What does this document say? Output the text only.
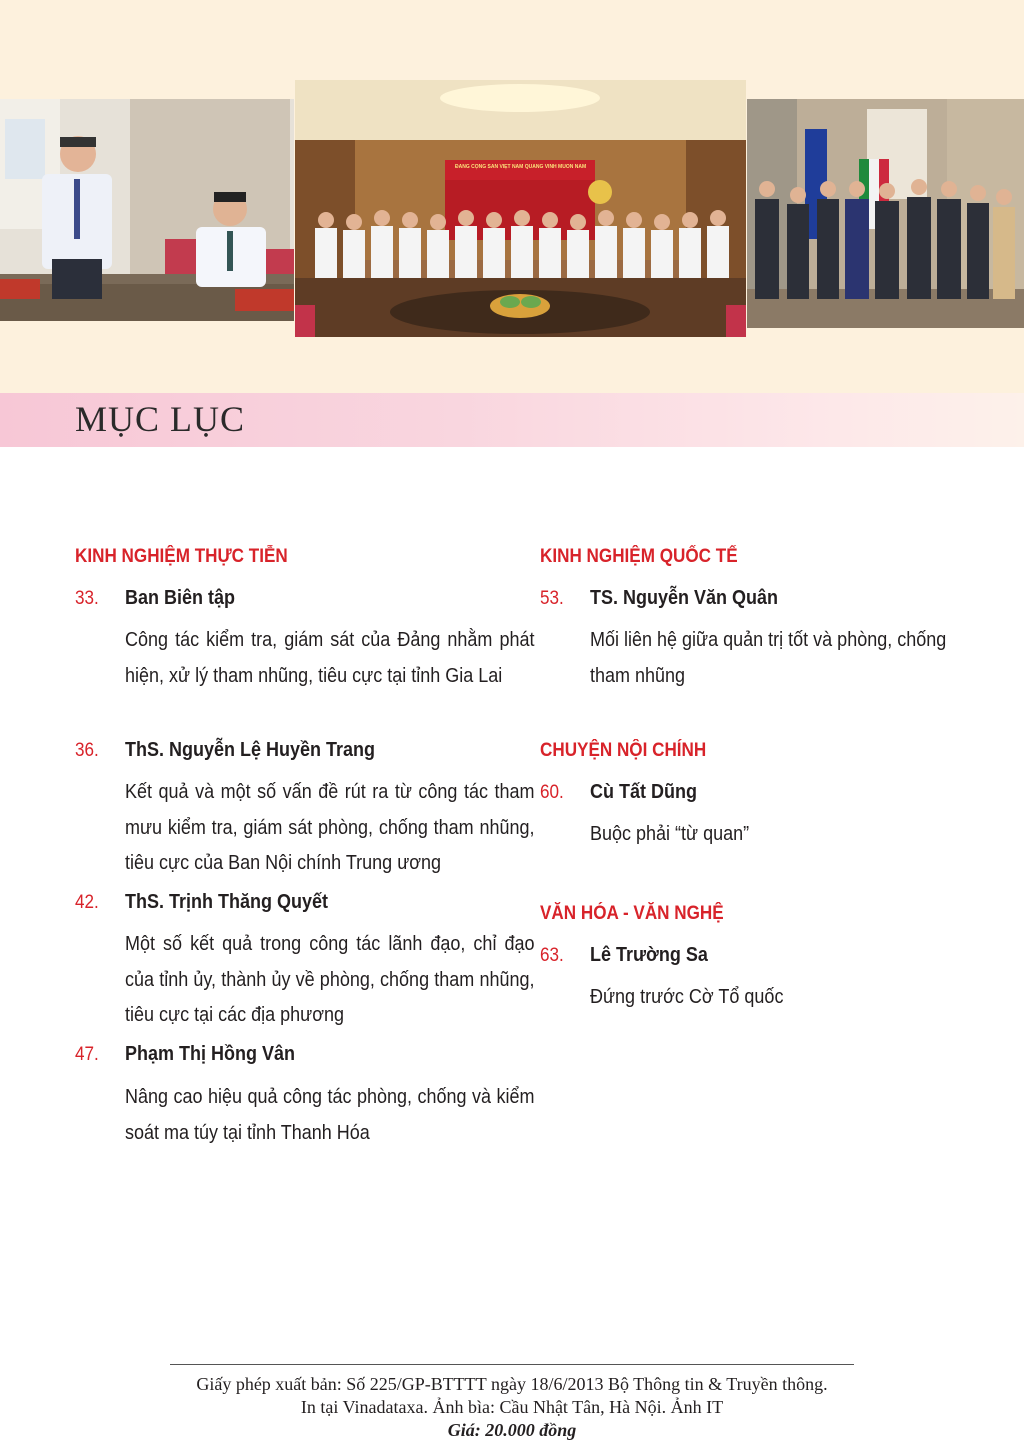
ĐẢNG CỘNG SẢN VIỆT NAM QUANG VINH MUÔN NĂM
MỤC LỤC
KINH NGHIỆM THỰC TIỄN
33. Ban Biên tập
Công tác kiểm tra, giám sát của Đảng nhằm phát hiện, xử lý tham nhũng, tiêu cực tại tỉnh Gia Lai
36. ThS. Nguyễn Lệ Huyền Trang
Kết quả và một số vấn đề rút ra từ công tác tham mưu kiểm tra, giám sát phòng, chống tham nhũng, tiêu cực của Ban Nội chính Trung ương
42. ThS. Trịnh Thăng Quyết
Một số kết quả trong công tác lãnh đạo, chỉ đạo của tỉnh ủy, thành ủy về phòng, chống tham nhũng, tiêu cực tại các địa phương
47. Phạm Thị Hồng Vân
Nâng cao hiệu quả công tác phòng, chống và kiểm soát ma túy tại tỉnh Thanh Hóa
KINH NGHIỆM QUỐC TẾ
53. TS. Nguyễn Văn Quân
Mối liên hệ giữa quản trị tốt và phòng, chống tham nhũng
CHUYỆN NỘI CHÍNH
60. Cù Tất Dũng
Buộc phải “từ quan”
VĂN HÓA - VĂN NGHỆ
63. Lê Trường Sa
Đứng trước Cờ Tổ quốc
Giấy phép xuất bản: Số 225/GP-BTTTT ngày 18/6/2013 Bộ Thông tin & Truyền thông.
In tại Vinadataxa. Ảnh bìa: Cầu Nhật Tân, Hà Nội. Ảnh IT
Giá: 20.000 đồng
